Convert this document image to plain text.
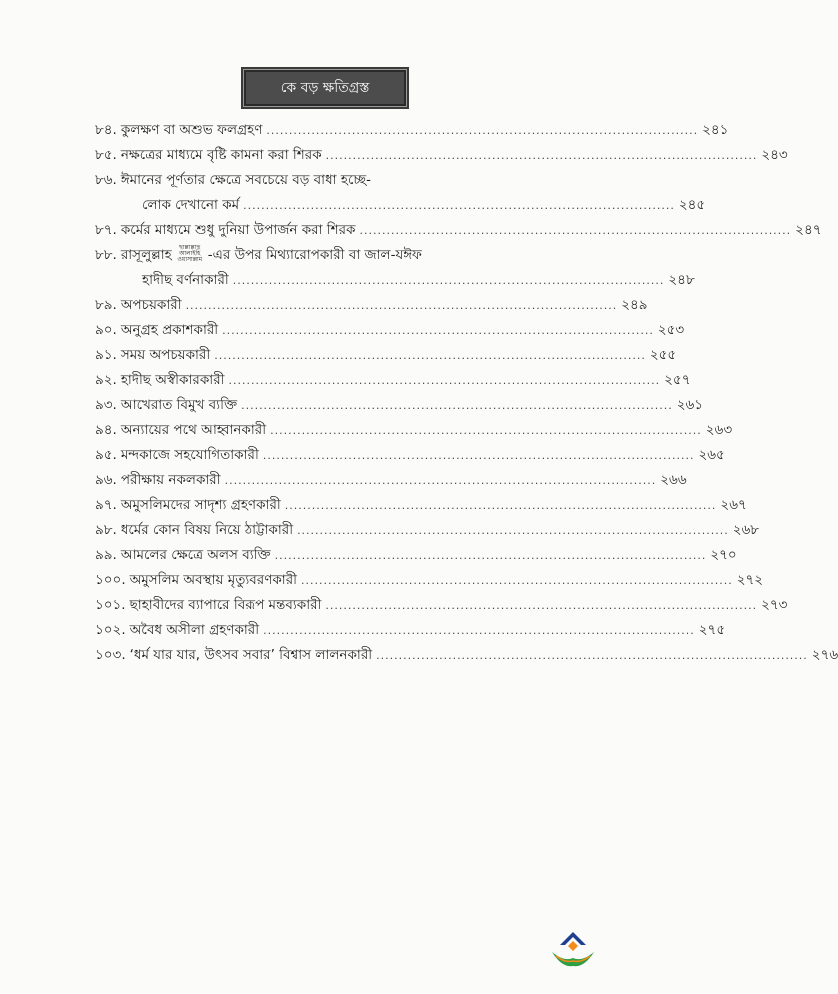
কে বড় ক্ষতিগ্রস্ত
৮৪. কুলক্ষণ বা অশুভ ফলগ্রহণ ................................................................................................ ২৪১
৮৫. নক্ষত্রের মাধ্যমে বৃষ্টি কামনা করা শিরক ................................................................................................ ২৪৩
৮৬. ঈমানের পূর্ণতার ক্ষেত্রে সবচেয়ে বড় বাধা হচ্ছে-
লোক দেখানো কর্ম ................................................................................................ ২৪৫
৮৭. কর্মের মাধ্যমে শুধু দুনিয়া উপার্জন করা শিরক ................................................................................................ ২৪৭
৮৮. রাসূলুল্লাহ ছাল্লাল্লাহু আলাইহি ওয়াসাল্লাম -এর উপর মিথ্যারোপকারী বা জাল-যঈফ
হাদীছ বর্ণনাকারী ................................................................................................ ২৪৮
৮৯. অপচয়কারী ................................................................................................ ২৪৯
৯০. অনুগ্রহ প্রকাশকারী ................................................................................................ ২৫৩
৯১. সময় অপচয়কারী ................................................................................................ ২৫৫
৯২. হাদীছ অস্বীকারকারী ................................................................................................ ২৫৭
৯৩. আখেরাত বিমুখ ব্যক্তি ................................................................................................ ২৬১
৯৪. অন্যায়ের পথে আহ্বানকারী ................................................................................................ ২৬৩
৯৫. মন্দকাজে সহযোগিতাকারী ................................................................................................ ২৬৫
৯৬. পরীক্ষায় নকলকারী ................................................................................................ ২৬৬
৯৭. অমুসলিমদের সাদৃশ্য গ্রহণকারী ................................................................................................ ২৬৭
৯৮. ধর্মের কোন বিষয় নিয়ে ঠাট্টাকারী ................................................................................................ ২৬৮
৯৯. আমলের ক্ষেত্রে অলস ব্যক্তি ................................................................................................ ২৭০
১০০. অমুসলিম অবস্থায় মৃত্যুবরণকারী ................................................................................................ ২৭২
১০১. ছাহাবীদের ব্যাপারে বিরূপ মন্তব্যকারী ................................................................................................ ২৭৩
১০২. অবৈধ অসীলা গ্রহণকারী ................................................................................................ ২৭৫
১০৩. ‘ধর্ম যার যার, উৎসব সবার’ বিশ্বাস লালনকারী ................................................................................................ ২৭৬
